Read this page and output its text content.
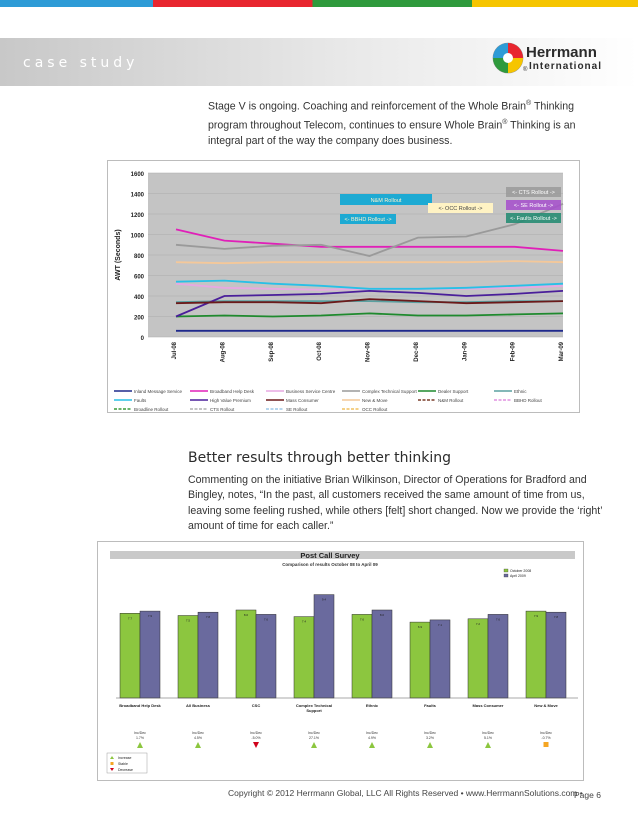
case study
Herrmann
International
®
Stage V is ongoing. Coaching and reinforcement of the Whole Brain® Thinking program throughout Telecom, continues to ensure Whole Brain® Thinking is an integral part of the way the company does business.
0
200
400
600
800
1000
1200
1400
1600
AWT (Seconds)
Jul-08	Aug-08	Sep-08	Oct-08	Nov-08	Dec-08	Jan-09	Feb-09	Mar-09
N&M Rollout
<- OCC Rollout ->
<- BBHD Rollout ->
<- CTS Rollout ->
<- SE Rollout ->
<- Faults Rollout ->
Inland Message Service	Broadband Help Desk	Business Service Centre	Complex Technical Support	Dealer Support	Ethnic
Faults	High Value Premium	Mass Consumer	New & Move	N&M Rollout	BBHD Rollout
Broadline Rollout	CTS Rollout	SE Rollout	OCC Rollout
Better results through better thinking
Commenting on the initiative Brian Wilkinson, Director of Operations for Bradford and Bingley, notes, “In the past, all customers received the same amount of time from us, leaving some feeling rushed, while others [felt] short changed. Now we provide the ‘right’ amount of time for each caller.”
Post Call Survey
Comparison of results October 08 to April 09
October 2008
April 2009
7.7
7.9
Broadband Help Desk
Inc/Dec
1.7%
7.5
7.8
All Business
Inc/Dec
4.5%
8.0
7.6
CSC
Inc/Dec
-5.0%
7.4
9.4
Complex Technical Support
Inc/Dec
27.1%
7.6
8.0
Ethnic
Inc/Dec
4.9%
6.9
7.1
Faults
Inc/Dec
3.2%
7.2
7.6
Mass Consumer
Inc/Dec
5.1%
7.9	7.8
New & Move
Inc/Dec
-0.7%
Increase
Stable
Decrease
Copyright © 2012 Herrmann Global, LLC All Rights Reserved • www.HerrmannSolutions.com •
Page 6
